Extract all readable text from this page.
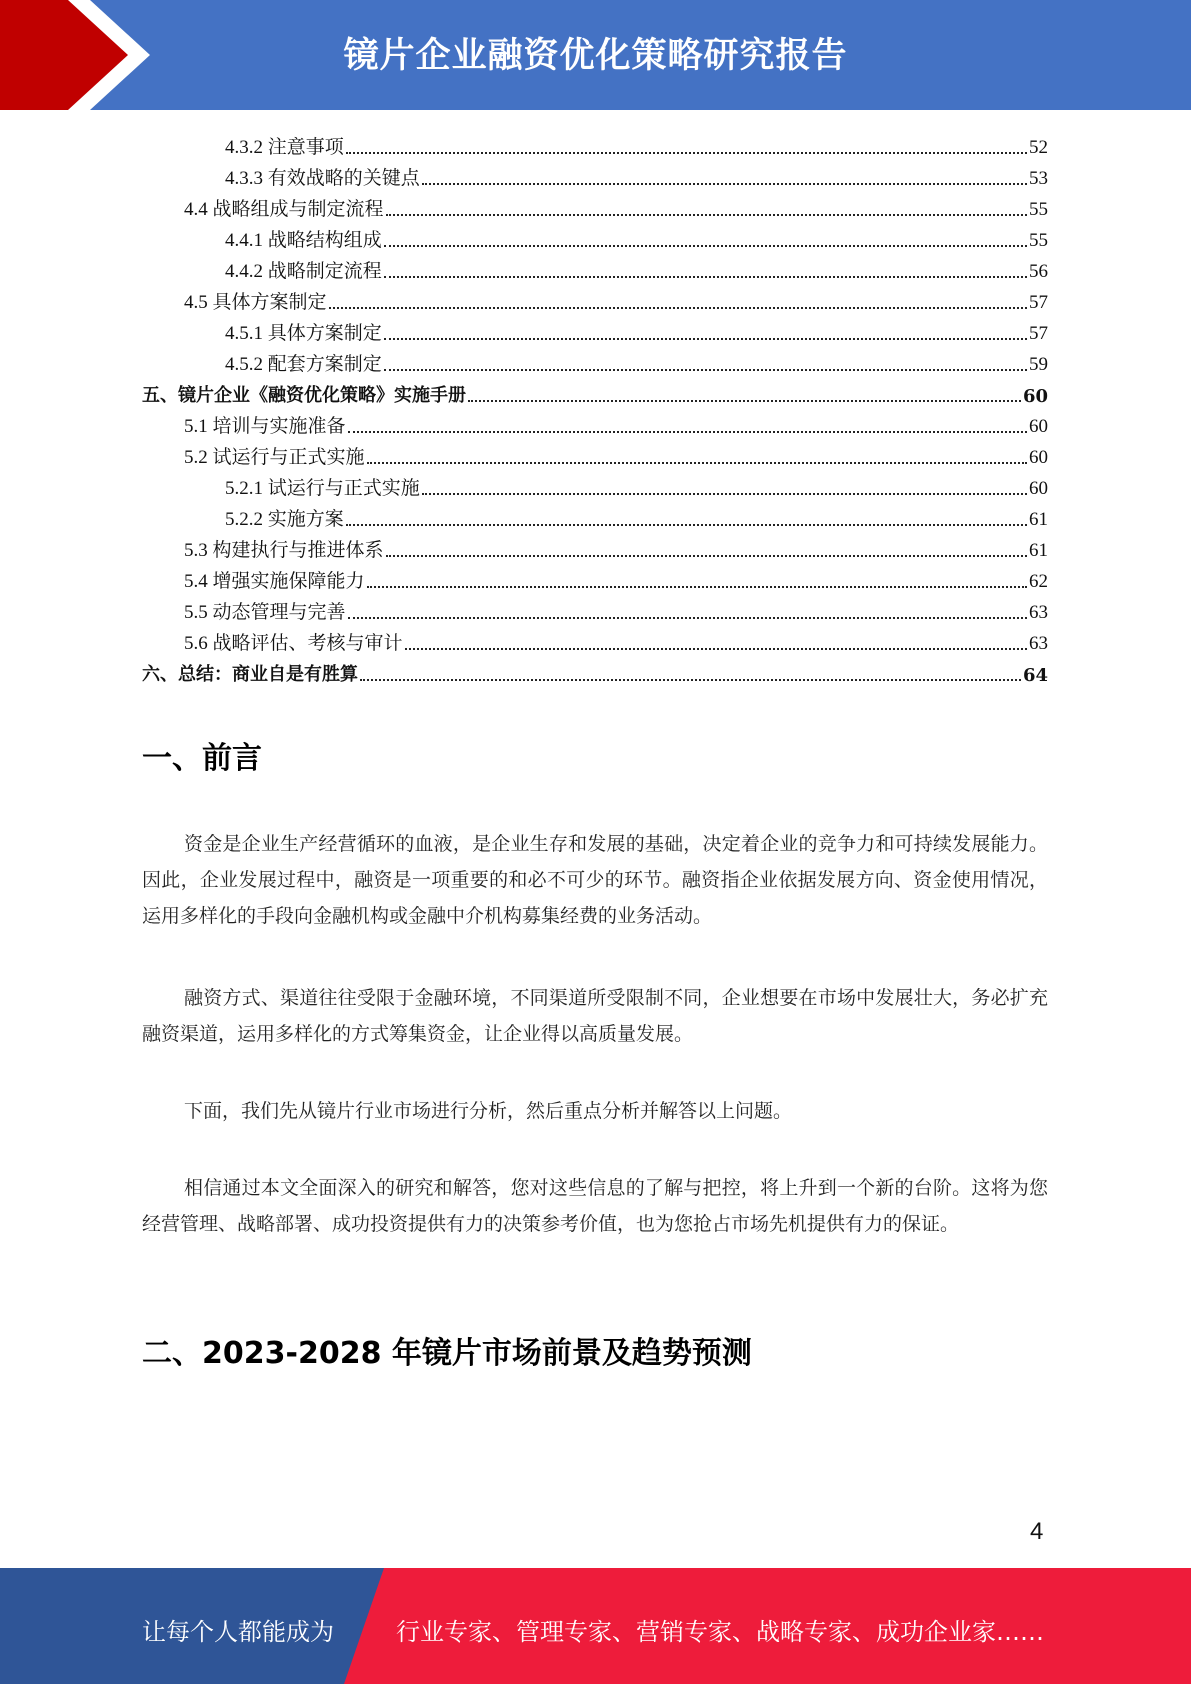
镜片企业融资优化策略研究报告
4.3.2 注意事项	52
4.3.3 有效战略的关键点	53
4.4 战略组成与制定流程	55
4.4.1 战略结构组成	55
4.4.2 战略制定流程	56
4.5 具体方案制定	57
4.5.1 具体方案制定	57
4.5.2 配套方案制定	59
五、镜片企业《融资优化策略》实施手册	60
5.1 培训与实施准备	60
5.2 试运行与正式实施	60
5.2.1 试运行与正式实施	60
5.2.2 实施方案	61
5.3 构建执行与推进体系	61
5.4 增强实施保障能力	62
5.5 动态管理与完善	63
5.6 战略评估、考核与审计	63
六、总结：商业自是有胜算	64
一、前言
资金是企业生产经营循环的血液，是企业生存和发展的基础，决定着企业的竞争力和可持续发展能力。因此，企业发展过程中，融资是一项重要的和必不可少的环节。融资指企业依据发展方向、资金使用情况，运用多样化的手段向金融机构或金融中介机构募集经费的业务活动。
融资方式、渠道往往受限于金融环境，不同渠道所受限制不同，企业想要在市场中发展壮大，务必扩充融资渠道，运用多样化的方式筹集资金，让企业得以高质量发展。
下面，我们先从镜片行业市场进行分析，然后重点分析并解答以上问题。
相信通过本文全面深入的研究和解答，您对这些信息的了解与把控，将上升到一个新的台阶。这将为您经营管理、战略部署、成功投资提供有力的决策参考价值，也为您抢占市场先机提供有力的保证。
二、2023-2028 年镜片市场前景及趋势预测
4
让每个人都能成为	行业专家、管理专家、营销专家、战略专家、成功企业家……
